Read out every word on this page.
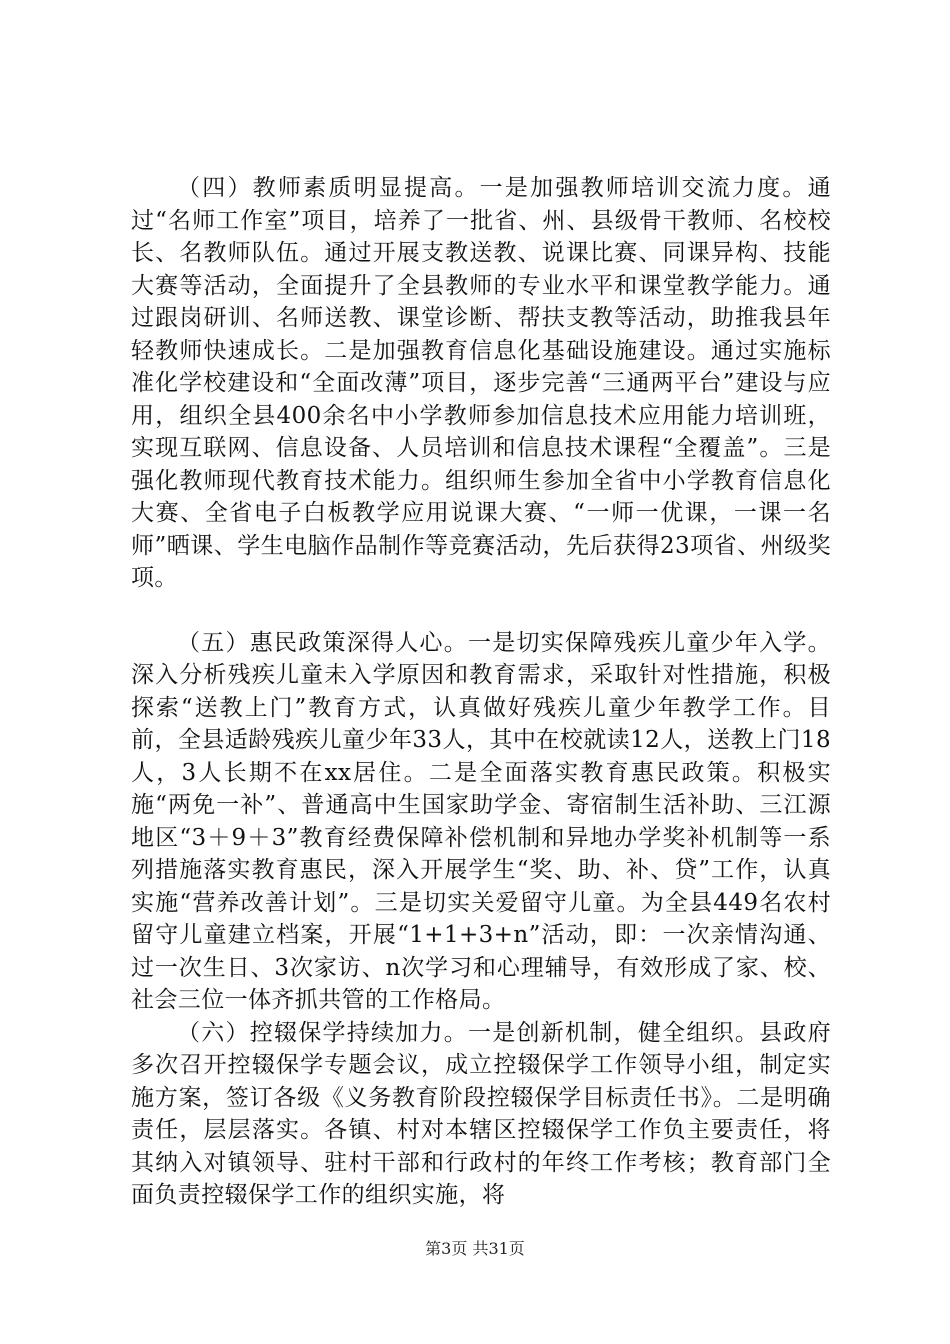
（四）教师素质明显提高。一是加强教师培训交流力度。通过“名师工作室”项目，培养了一批省、州、县级骨干教师、名校校长、名教师队伍。通过开展支教送教、说课比赛、同课异构、技能大赛等活动，全面提升了全县教师的专业水平和课堂教学能力。通过跟岗研训、名师送教、课堂诊断、帮扶支教等活动，助推我县年轻教师快速成长。二是加强教育信息化基础设施建设。通过实施标准化学校建设和“全面改薄”项目，逐步完善“三通两平台”建设与应用，组织全县400余名中小学教师参加信息技术应用能力培训班，实现互联网、信息设备、人员培训和信息技术课程“全覆盖”。三是强化教师现代教育技术能力。组织师生参加全省中小学教育信息化大赛、全省电子白板教学应用说课大赛、“一师一优课，一课一名师”晒课、学生电脑作品制作等竞赛活动，先后获得23项省、州级奖项。

（五）惠民政策深得人心。一是切实保障残疾儿童少年入学。深入分析残疾儿童未入学原因和教育需求，采取针对性措施，积极探索“送教上门”教育方式，认真做好残疾儿童少年教学工作。目前，全县适龄残疾儿童少年33人，其中在校就读12人，送教上门18人，3人长期不在xx居住。二是全面落实教育惠民政策。积极实施“两免一补”、普通高中生国家助学金、寄宿制生活补助、三江源地区“3＋9＋3”教育经费保障补偿机制和异地办学奖补机制等一系列措施落实教育惠民，深入开展学生“奖、助、补、贷”工作，认真实施“营养改善计划”。三是切实关爱留守儿童。为全县449名农村留守儿童建立档案，开展“1+1+3+n”活动，即：一次亲情沟通、过一次生日、3次家访、n次学习和心理辅导，有效形成了家、校、社会三位一体齐抓共管的工作格局。

（六）控辍保学持续加力。一是创新机制，健全组织。县政府多次召开控辍保学专题会议，成立控辍保学工作领导小组，制定实施方案，签订各级《义务教育阶段控辍保学目标责任书》。二是明确责任，层层落实。各镇、村对本辖区控辍保学工作负主要责任，将其纳入对镇领导、驻村干部和行政村的年终工作考核；教育部门全面负责控辍保学工作的组织实施，将

第3页 共31页
